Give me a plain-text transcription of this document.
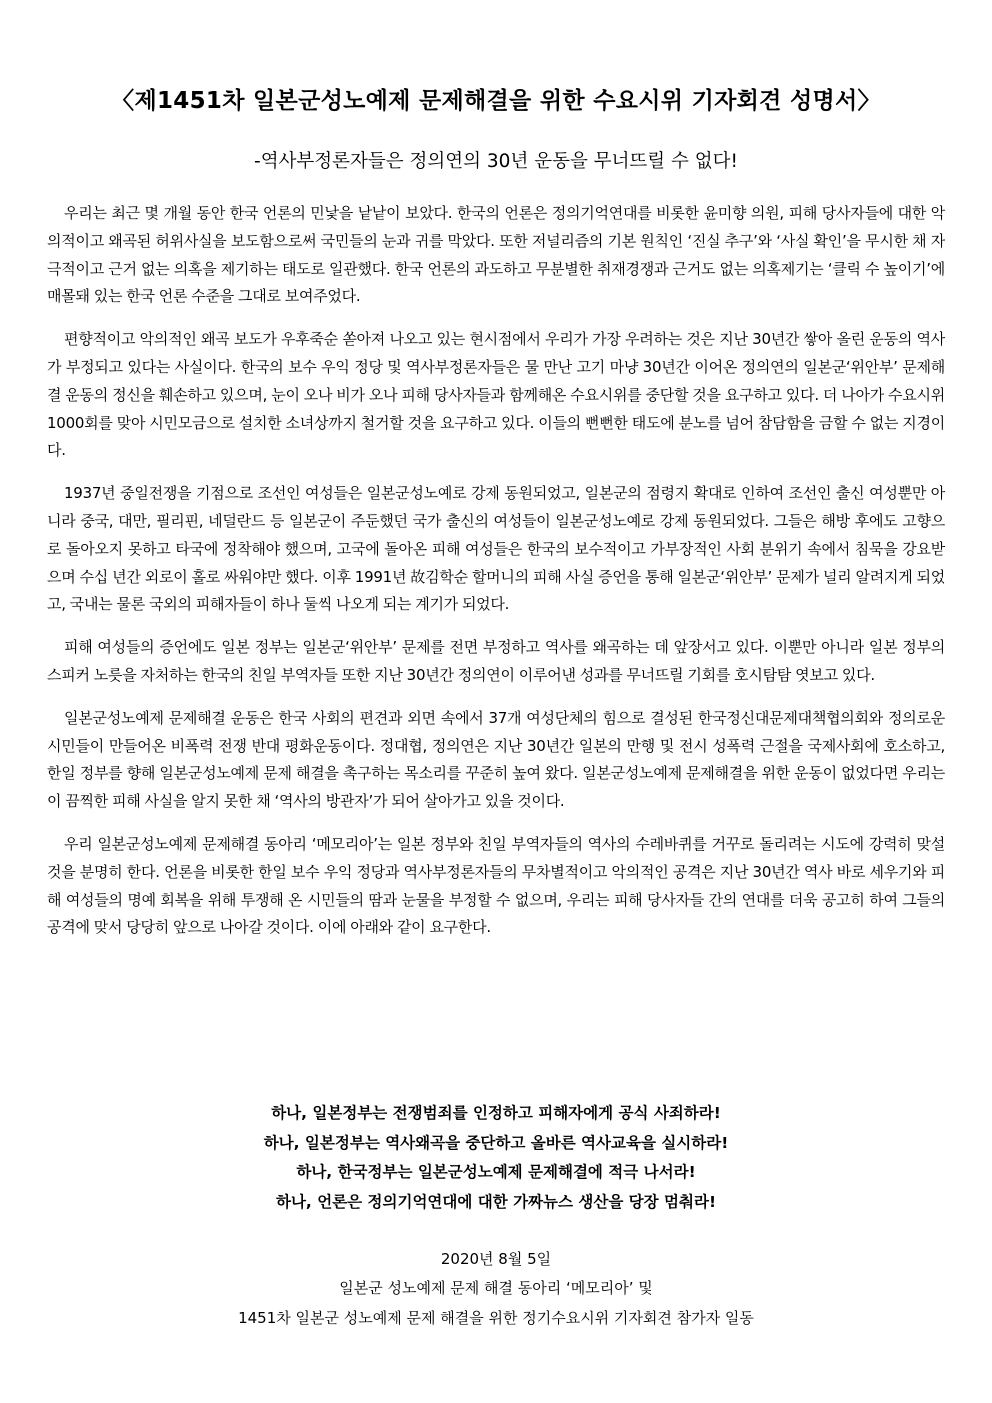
〈제1451차 일본군성노예제 문제해결을 위한 수요시위 기자회견 성명서〉
-역사부정론자들은 정의연의 30년 운동을 무너뜨릴 수 없다!

우리는 최근 몇 개월 동안 한국 언론의 민낯을 낱낱이 보았다. 한국의 언론은 정의기억연대를 비롯한 윤미향 의원, 피해 당사자들에 대한 악의적이고 왜곡된 허위사실을 보도함으로써 국민들의 눈과 귀를 막았다. 또한 저널리즘의 기본 원칙인 ‘진실 추구’와 ‘사실 확인’을 무시한 채 자극적이고 근거 없는 의혹을 제기하는 태도로 일관했다. 한국 언론의 과도하고 무분별한 취재경쟁과 근거도 없는 의혹제기는 ‘클릭 수 높이기’에 매몰돼 있는 한국 언론 수준을 그대로 보여주었다.

편향적이고 악의적인 왜곡 보도가 우후죽순 쏟아져 나오고 있는 현시점에서 우리가 가장 우려하는 것은 지난 30년간 쌓아 올린 운동의 역사가 부정되고 있다는 사실이다. 한국의 보수 우익 정당 및 역사부정론자들은 물 만난 고기 마냥 30년간 이어온 정의연의 일본군‘위안부’ 문제해결 운동의 정신을 훼손하고 있으며, 눈이 오나 비가 오나 피해 당사자들과 함께해온 수요시위를 중단할 것을 요구하고 있다. 더 나아가 수요시위 1000회를 맞아 시민모금으로 설치한 소녀상까지 철거할 것을 요구하고 있다. 이들의 뻔뻔한 태도에 분노를 넘어 참담함을 금할 수 없는 지경이다.

1937년 중일전쟁을 기점으로 조선인 여성들은 일본군성노예로 강제 동원되었고, 일본군의 점령지 확대로 인하여 조선인 출신 여성뿐만 아니라 중국, 대만, 필리핀, 네덜란드 등 일본군이 주둔했던 국가 출신의 여성들이 일본군성노예로 강제 동원되었다. 그들은 해방 후에도 고향으로 돌아오지 못하고 타국에 정착해야 했으며, 고국에 돌아온 피해 여성들은 한국의 보수적이고 가부장적인 사회 분위기 속에서 침묵을 강요받으며 수십 년간 외로이 홀로 싸워야만 했다. 이후 1991년 故김학순 할머니의 피해 사실 증언을 통해 일본군‘위안부’ 문제가 널리 알려지게 되었고, 국내는 물론 국외의 피해자들이 하나 둘씩 나오게 되는 계기가 되었다.

피해 여성들의 증언에도 일본 정부는 일본군‘위안부’ 문제를 전면 부정하고 역사를 왜곡하는 데 앞장서고 있다. 이뿐만 아니라 일본 정부의 스피커 노릇을 자처하는 한국의 친일 부역자들 또한 지난 30년간 정의연이 이루어낸 성과를 무너뜨릴 기회를 호시탐탐 엿보고 있다.

일본군성노예제 문제해결 운동은 한국 사회의 편견과 외면 속에서 37개 여성단체의 힘으로 결성된 한국정신대문제대책협의회와 정의로운 시민들이 만들어온 비폭력 전쟁 반대 평화운동이다. 정대협, 정의연은 지난 30년간 일본의 만행 및 전시 성폭력 근절을 국제사회에 호소하고, 한일 정부를 향해 일본군성노예제 문제 해결을 촉구하는 목소리를 꾸준히 높여 왔다. 일본군성노예제 문제해결을 위한 운동이 없었다면 우리는 이 끔찍한 피해 사실을 알지 못한 채 ‘역사의 방관자’가 되어 살아가고 있을 것이다.

우리 일본군성노예제 문제해결 동아리 ‘메모리아’는 일본 정부와 친일 부역자들의 역사의 수레바퀴를 거꾸로 돌리려는 시도에 강력히 맞설 것을 분명히 한다. 언론을 비롯한 한일 보수 우익 정당과 역사부정론자들의 무차별적이고 악의적인 공격은 지난 30년간 역사 바로 세우기와 피해 여성들의 명예 회복을 위해 투쟁해 온 시민들의 땀과 눈물을 부정할 수 없으며, 우리는 피해 당사자들 간의 연대를 더욱 공고히 하여 그들의 공격에 맞서 당당히 앞으로 나아갈 것이다. 이에 아래와 같이 요구한다.

하나, 일본정부는 전쟁범죄를 인정하고 피해자에게 공식 사죄하라!
하나, 일본정부는 역사왜곡을 중단하고 올바른 역사교육을 실시하라!
하나, 한국정부는 일본군성노예제 문제해결에 적극 나서라!
하나, 언론은 정의기억연대에 대한 가짜뉴스 생산을 당장 멈춰라!
2020년 8월 5일
일본군 성노예제 문제 해결 동아리 ‘메모리아’ 및
1451차 일본군 성노예제 문제 해결을 위한 정기수요시위 기자회견 참가자 일동
